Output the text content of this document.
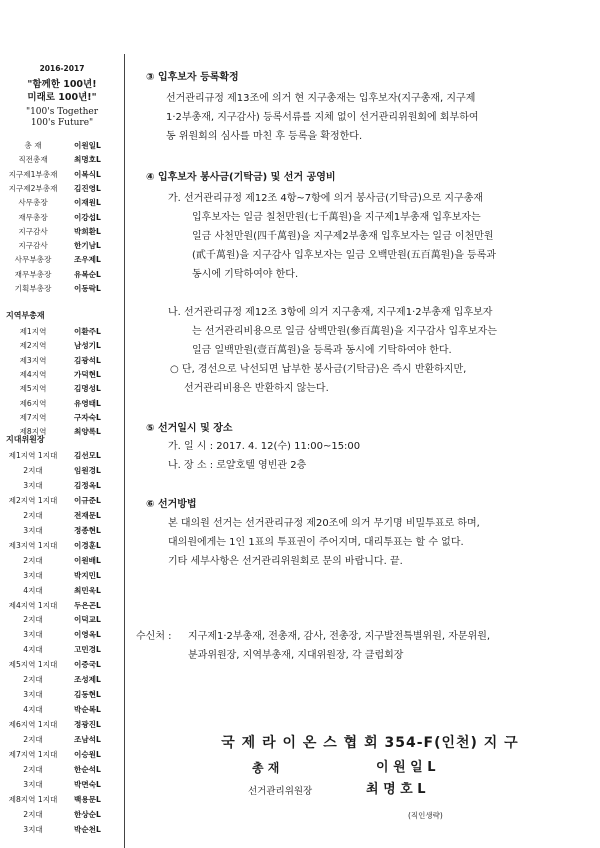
2016-2017
"함께한 100년!
미래로 100년!"
"100's Together
100's Future"
총 재	이원일L
직전총재	최명호L
지구제1부총재	이복식L
지구제2부총재	김진영L
사무총장	이재원L
재무총장	이강섭L
지구감사	박희환L
지구감사	한기남L
사무부총장	조우제L
재무부총장	유복순L
기획부총장	이동락L
지역부총재
제1지역	이환주L
제2지역	남성기L
제3지역	김광석L
제4지역	가덕현L
제5지역	김명성L
제6지역	유영태L
제7지역	구자숙L
제8지역	최양록L
지대위원장
제1지역 1지대	김선모L
2지대	임원경L
3지대	김정옥L
제2지역 1지대	이규준L
2지대	전재문L
3지대	정종현L
제3지역 1지대	이경훈L
2지대	이원배L
3지대	박지민L
4지대	최민욱L
제4지역 1지대	두은곤L
2지대	이덕교L
3지대	이영옥L
4지대	고민경L
제5지역 1지대	이증국L
2지대	조성제L
3지대	김동현L
4지대	박순복L
제6지역 1지대	정광진L
2지대	조남석L
제7지역 1지대	이승원L
2지대	한순석L
3지대	박면숙L
제8지역 1지대	백용문L
2지대	한상순L
3지대	박순천L
③ 입후보자 등록확정
선거관리규정 제13조에 의거 현 지구총재는 입후보자(지구총재, 지구제
1·2부총재, 지구감사) 등록서류를 지체 없이 선거관리위원회에 회부하여
동 위원회의 심사를 마친 후 등록을 확정한다.
④ 입후보자 봉사금(기탁금) 및 선거 공영비
가. 선거관리규정 제12조 4항~7항에 의거 봉사금(기탁금)으로 지구총재
입후보자는 일금 칠천만원(七千萬원)을 지구제1부총재 입후보자는
일금 사천만원(四千萬원)을 지구제2부총재 입후보자는 일금 이천만원
(貳千萬원)을 지구감사 입후보자는 일금 오백만원(五百萬원)을 등록과
동시에 기탁하여야 한다.
나. 선거관리규정 제12조 3항에 의거 지구총재, 지구제1·2부총재 입후보자
는 선거관리비용으로 일금 삼백만원(參百萬원)을 지구감사 입후보자는
일금 일백만원(壹百萬원)을 등록과 동시에 기탁하여야 한다.
○ 단, 경선으로 낙선되면 납부한 봉사금(기탁금)은 즉시 반환하지만,
선거관리비용은 반환하지 않는다.
⑤ 선거일시 및 장소
가. 일 시 : 2017. 4. 12(수) 11:00~15:00
나. 장 소 : 로얄호텔 영빈관 2층
⑥ 선거방법
본 대의원 선거는 선거관리규정 제20조에 의거 무기명 비밀투표로 하며,
대의원에게는 1인 1표의 투표권이 주어지며, 대리투표는 할 수 없다.
기타 세부사항은 선거관리위원회로 문의 바랍니다. 끝.
수신처 : 지구제1·2부총재, 전총재, 감사, 전총장, 지구발전특별위원, 자문위원,
분과위원장, 지역부총재, 지대위원장, 각 클럽회장
국 제 라 이 온 스 협 회 354-F(인천) 지 구
총 재	이 원 일 L
선거관리위원장	최 명 호 L
(직인생략)
